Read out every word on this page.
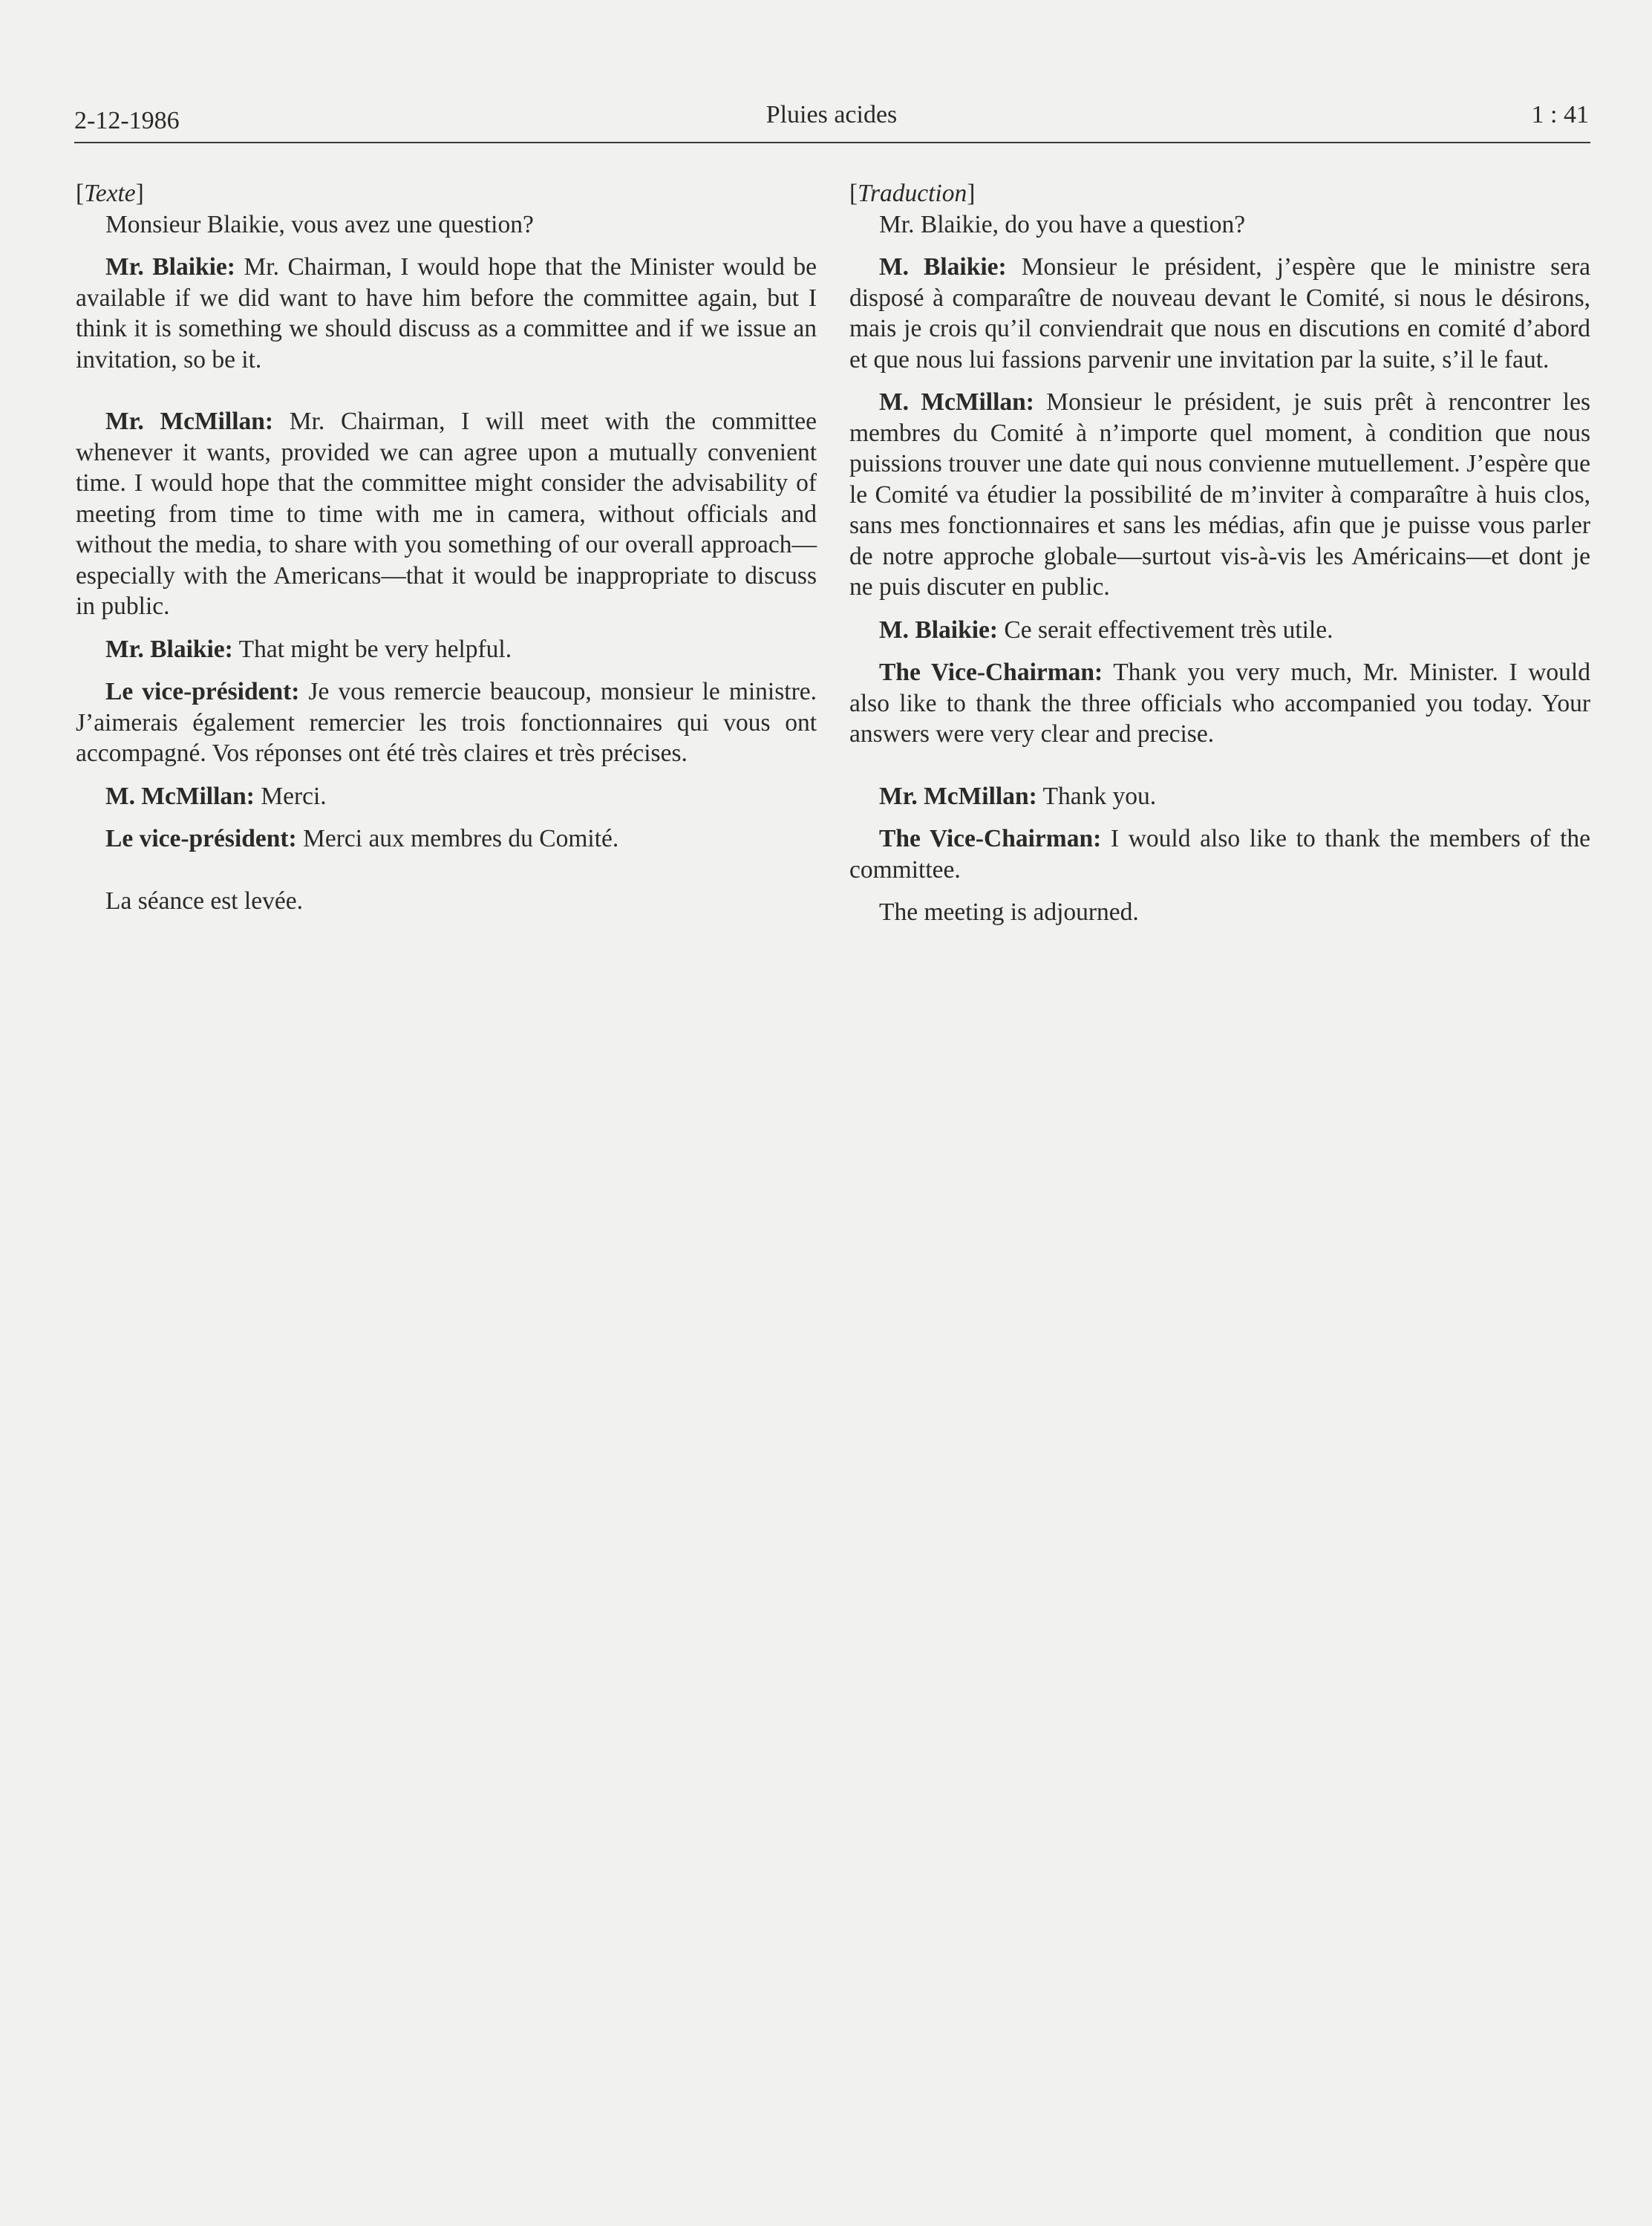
2-12-1986	Pluies acides	1 : 41

[Texte]

Monsieur Blaikie, vous avez une question?

Mr. Blaikie: Mr. Chairman, I would hope that the Minister would be available if we did want to have him before the committee again, but I think it is something we should discuss as a committee and if we issue an invitation, so be it.

Mr. McMillan: Mr. Chairman, I will meet with the committee whenever it wants, provided we can agree upon a mutually convenient time. I would hope that the committee might consider the advisability of meeting from time to time with me in camera, without officials and without the media, to share with you something of our overall approach—especially with the Americans—that it would be inappropriate to discuss in public.

Mr. Blaikie: That might be very helpful.

Le vice-président: Je vous remercie beaucoup, monsieur le ministre. J’aimerais également remercier les trois fonctionnaires qui vous ont accompagné. Vos réponses ont été très claires et très précises.

M. McMillan: Merci.

Le vice-président: Merci aux membres du Comité.

La séance est levée.

[Traduction]

Mr. Blaikie, do you have a question?

M. Blaikie: Monsieur le président, j’espère que le ministre sera disposé à comparaître de nouveau devant le Comité, si nous le désirons, mais je crois qu’il conviendrait que nous en discutions en comité d’abord et que nous lui fassions parvenir une invitation par la suite, s’il le faut.

M. McMillan: Monsieur le président, je suis prêt à rencontrer les membres du Comité à n’importe quel moment, à condition que nous puissions trouver une date qui nous convienne mutuellement. J’espère que le Comité va étudier la possibilité de m’inviter à comparaître à huis clos, sans mes fonctionnaires et sans les médias, afin que je puisse vous parler de notre approche globale—surtout vis-à-vis les Américains—et dont je ne puis discuter en public.

M. Blaikie: Ce serait effectivement très utile.

The Vice-Chairman: Thank you very much, Mr. Minister. I would also like to thank the three officials who accompanied you today. Your answers were very clear and precise.

Mr. McMillan: Thank you.

The Vice-Chairman: I would also like to thank the members of the committee.

The meeting is adjourned.
